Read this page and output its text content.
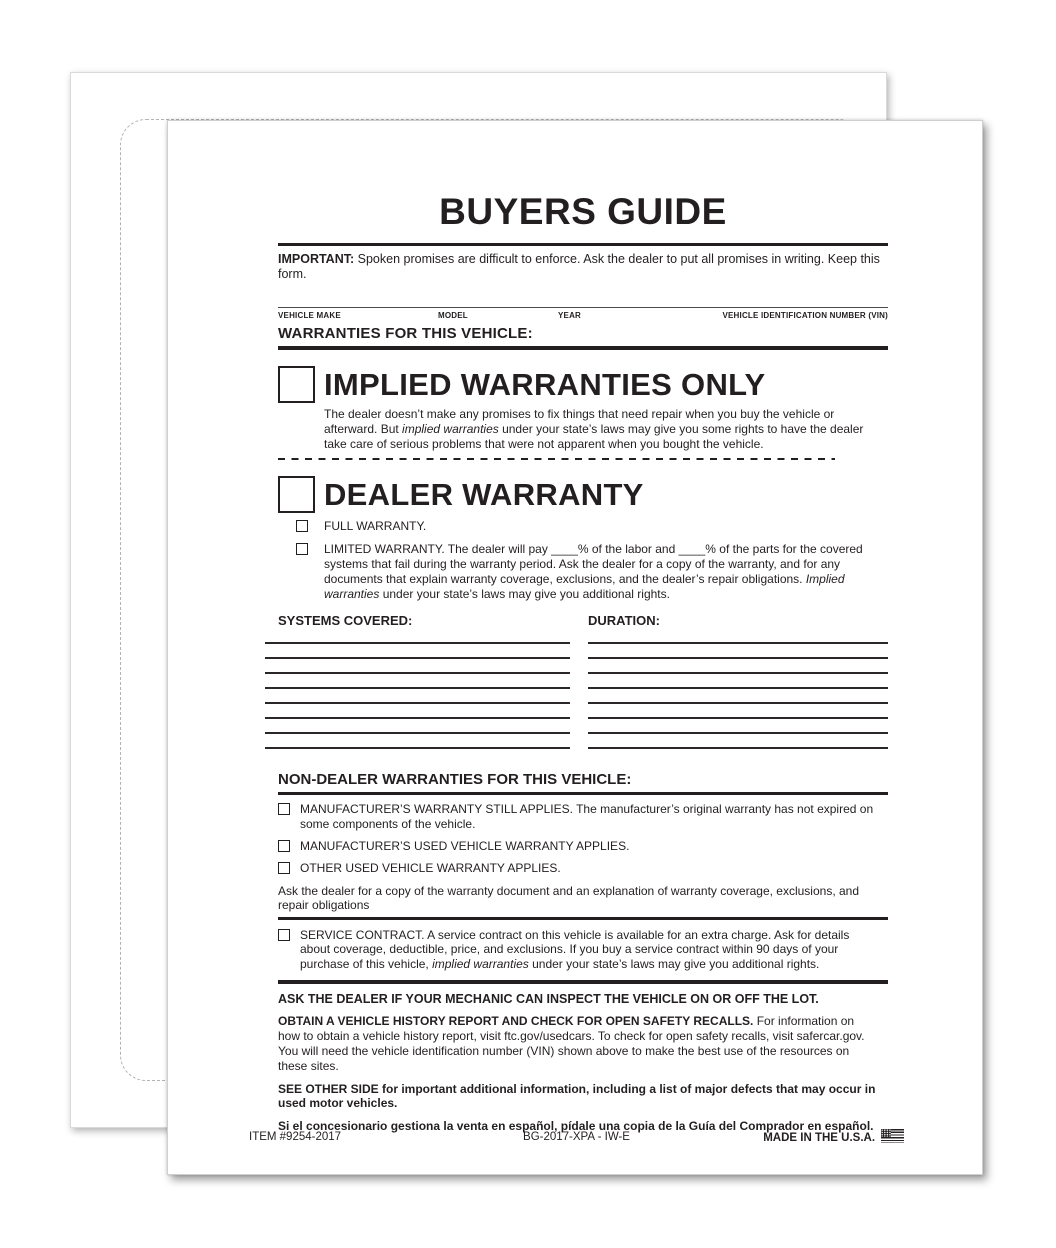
BUYERS GUIDE

IMPORTANT: Spoken promises are difficult to enforce. Ask the dealer to put all promises in writing. Keep this form.

VEHICLE MAKE	MODEL	YEAR	VEHICLE IDENTIFICATION NUMBER (VIN)
WARRANTIES FOR THIS VEHICLE:
IMPLIED WARRANTIES ONLY

The dealer doesn’t make any promises to fix things that need repair when you buy the vehicle or afterward. But implied warranties under your state’s laws may give you some rights to have the dealer take care of serious problems that were not apparent when you bought the vehicle.

DEALER WARRANTY
FULL WARRANTY.
LIMITED WARRANTY. The dealer will pay ____% of the labor and ____% of the parts for the covered systems that fail during the warranty period. Ask the dealer for a copy of the warranty, and for any documents that explain warranty coverage, exclusions, and the dealer’s repair obligations. Implied warranties under your state’s laws may give you additional rights.
SYSTEMS COVERED:	DURATION:
NON-DEALER WARRANTIES FOR THIS VEHICLE:
MANUFACTURER’S WARRANTY STILL APPLIES. The manufacturer’s original warranty has not expired on some components of the vehicle.
MANUFACTURER’S USED VEHICLE WARRANTY APPLIES.
OTHER USED VEHICLE WARRANTY APPLIES.

Ask the dealer for a copy of the warranty document and an explanation of warranty coverage, exclusions, and repair obligations

SERVICE CONTRACT. A service contract on this vehicle is available for an extra charge. Ask for details about coverage, deductible, price, and exclusions. If you buy a service contract within 90 days of your purchase of this vehicle, implied warranties under your state’s laws may give you additional rights.

ASK THE DEALER IF YOUR MECHANIC CAN INSPECT THE VEHICLE ON OR OFF THE LOT.

OBTAIN A VEHICLE HISTORY REPORT AND CHECK FOR OPEN SAFETY RECALLS. For information on how to obtain a vehicle history report, visit ftc.gov/usedcars. To check for open safety recalls, visit safercar.gov. You will need the vehicle identification number (VIN) shown above to make the best use of the resources on these sites.

SEE OTHER SIDE for important additional information, including a list of major defects that may occur in used motor vehicles.

Si el concesionario gestiona la venta en español, pídale una copia de la Guía del Comprador en español.

ITEM #9254-2017	BG-2017-XPA - IW-E	MADE IN THE U.S.A.
